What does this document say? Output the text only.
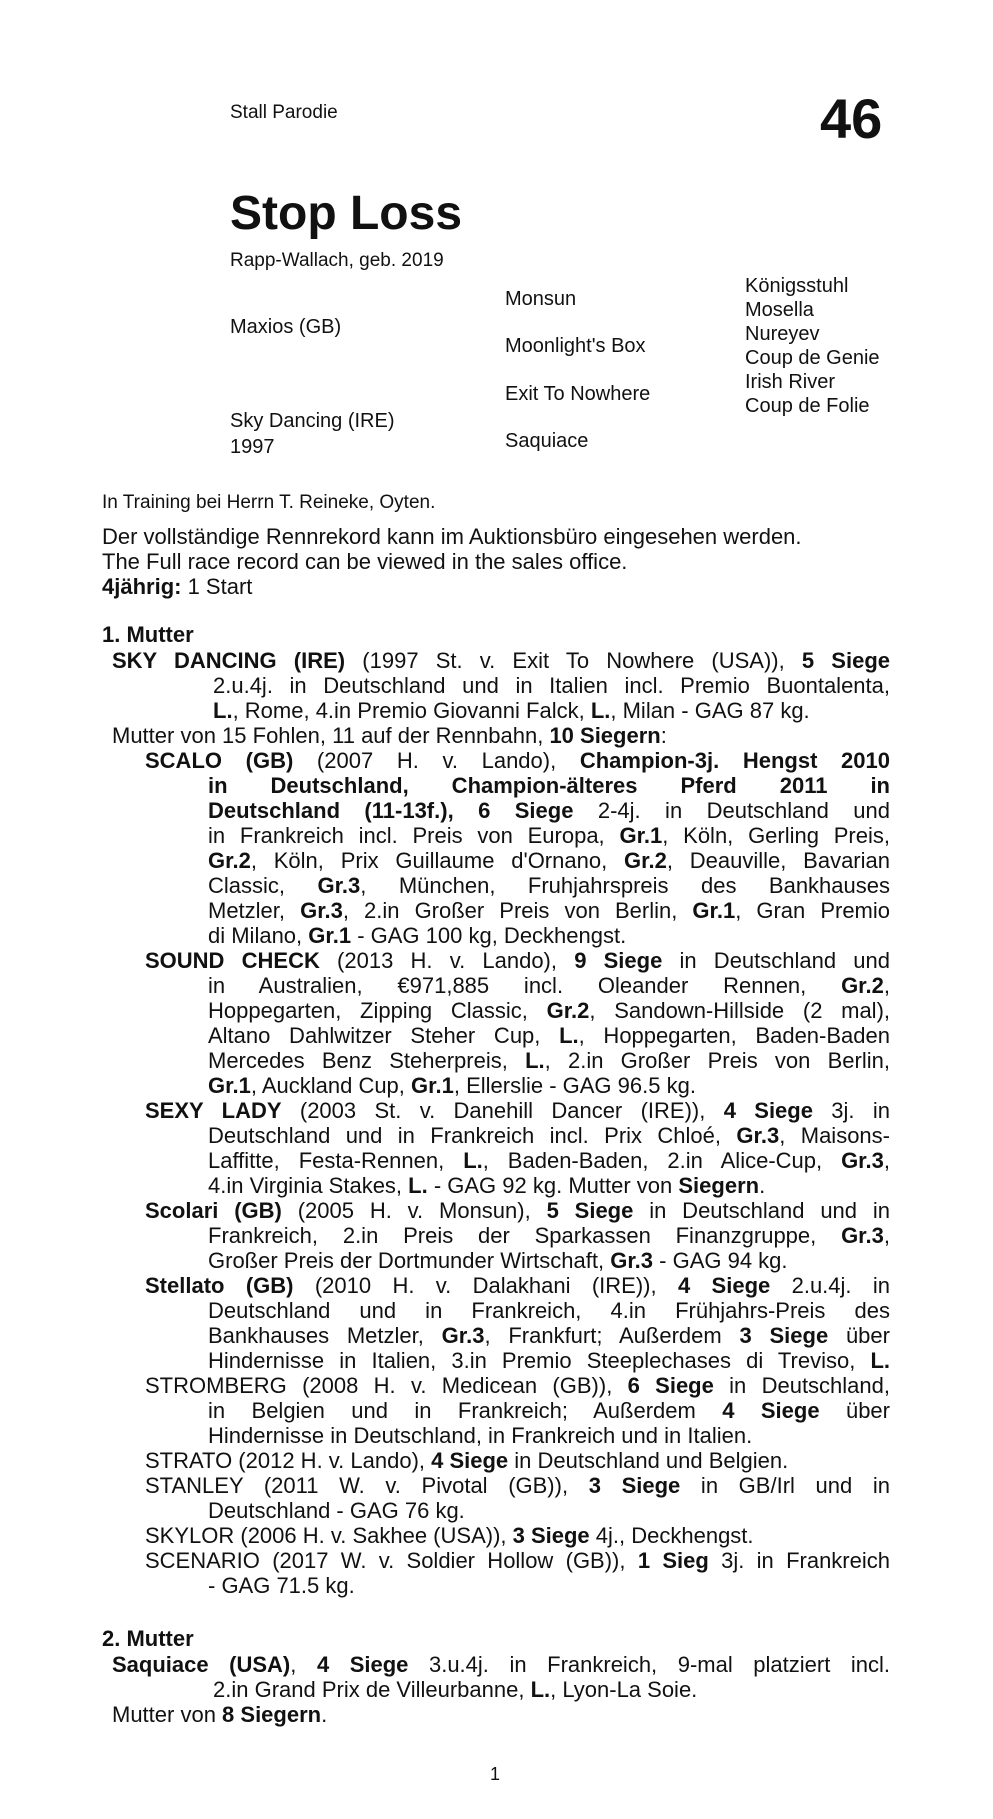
Stall Parodie	46
Stop Loss
Rapp-Wallach, geb. 2019
Maxios (GB)
Sky Dancing (IRE)
1997
Monsun
Moonlight's Box
Exit To Nowhere
Saquiace
Königsstuhl
Mosella
Nureyev
Coup de Genie
Irish River
Coup de Folie
In Training bei Herrn T. Reineke, Oyten.
Der vollständige Rennrekord kann im Auktionsbüro eingesehen werden.
The Full race record can be viewed in the sales office.
4jährig: 1 Start
1. Mutter
SKY DANCING (IRE) (1997 St. v. Exit To Nowhere (USA)), 5 Siege
2.u.4j. in Deutschland und in Italien incl. Premio Buontalenta,
L., Rome, 4.in Premio Giovanni Falck, L., Milan - GAG 87 kg.
Mutter von 15 Fohlen, 11 auf der Rennbahn, 10 Siegern:
SCALO (GB) (2007 H. v. Lando), Champion-3j. Hengst 2010
in Deutschland, Champion-älteres Pferd 2011 in
Deutschland (11-13f.), 6 Siege 2-4j. in Deutschland und
in Frankreich incl. Preis von Europa, Gr.1, Köln, Gerling Preis,
Gr.2, Köln, Prix Guillaume d'Ornano, Gr.2, Deauville, Bavarian
Classic, Gr.3, München, Fruhjahrspreis des Bankhauses
Metzler, Gr.3, 2.in Großer Preis von Berlin, Gr.1, Gran Premio
di Milano, Gr.1 - GAG 100 kg, Deckhengst.
SOUND CHECK (2013 H. v. Lando), 9 Siege in Deutschland und
in Australien, €971,885 incl. Oleander Rennen, Gr.2,
Hoppegarten, Zipping Classic, Gr.2, Sandown-Hillside (2 mal),
Altano Dahlwitzer Steher Cup, L., Hoppegarten, Baden-Baden
Mercedes Benz Steherpreis, L., 2.in Großer Preis von Berlin,
Gr.1, Auckland Cup, Gr.1, Ellerslie - GAG 96.5 kg.
SEXY LADY (2003 St. v. Danehill Dancer (IRE)), 4 Siege 3j. in
Deutschland und in Frankreich incl. Prix Chloé, Gr.3, Maisons-
Laffitte, Festa-Rennen, L., Baden-Baden, 2.in Alice-Cup, Gr.3,
4.in Virginia Stakes, L. - GAG 92 kg. Mutter von Siegern.
Scolari (GB) (2005 H. v. Monsun), 5 Siege in Deutschland und in
Frankreich, 2.in Preis der Sparkassen Finanzgruppe, Gr.3,
Großer Preis der Dortmunder Wirtschaft, Gr.3 - GAG 94 kg.
Stellato (GB) (2010 H. v. Dalakhani (IRE)), 4 Siege 2.u.4j. in
Deutschland und in Frankreich, 4.in Frühjahrs-Preis des
Bankhauses Metzler, Gr.3, Frankfurt; Außerdem 3 Siege über
Hindernisse in Italien, 3.in Premio Steeplechases di Treviso, L.
STROMBERG (2008 H. v. Medicean (GB)), 6 Siege in Deutschland,
in Belgien und in Frankreich; Außerdem 4 Siege über
Hindernisse in Deutschland, in Frankreich und in Italien.
STRATO (2012 H. v. Lando), 4 Siege in Deutschland und Belgien.
STANLEY (2011 W. v. Pivotal (GB)), 3 Siege in GB/Irl und in
Deutschland - GAG 76 kg.
SKYLOR (2006 H. v. Sakhee (USA)), 3 Siege 4j., Deckhengst.
SCENARIO (2017 W. v. Soldier Hollow (GB)), 1 Sieg 3j. in Frankreich
- GAG 71.5 kg.
2. Mutter
Saquiace (USA), 4 Siege 3.u.4j. in Frankreich, 9-mal platziert incl.
2.in Grand Prix de Villeurbanne, L., Lyon-La Soie.
Mutter von 8 Siegern.
1
